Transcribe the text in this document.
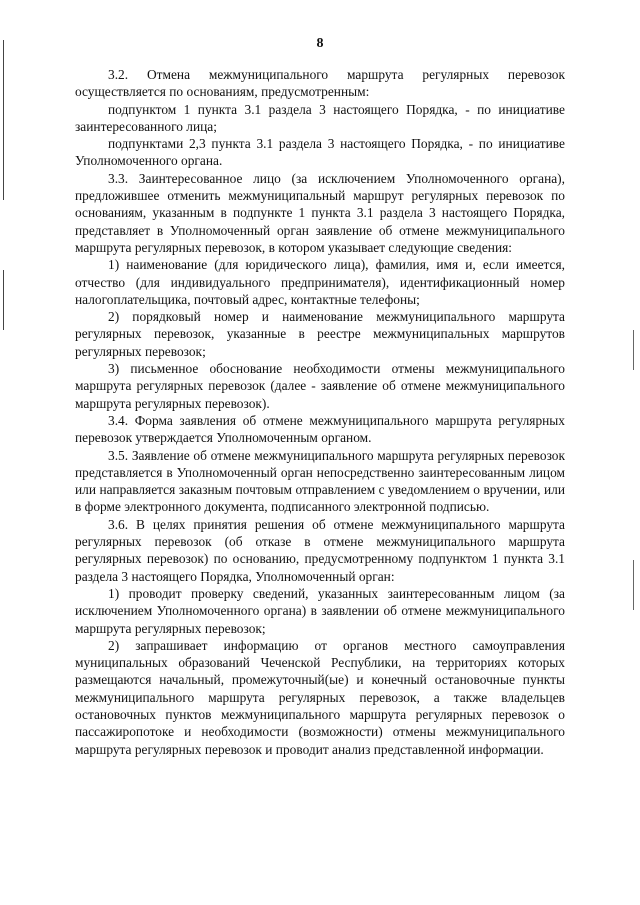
8

3.2. Отмена межмуниципального маршрута регулярных перевозок осуществляется по основаниям, предусмотренным:

подпунктом 1 пункта 3.1 раздела 3 настоящего Порядка, - по инициативе заинтересованного лица;

подпунктами 2,3 пункта 3.1 раздела 3 настоящего Порядка, - по инициативе Уполномоченного органа.

3.3. Заинтересованное лицо (за исключением Уполномоченного органа), предложившее отменить межмуниципальный маршрут регулярных перевозок по основаниям, указанным в подпункте 1 пункта 3.1 раздела 3 настоящего Порядка, представляет в Уполномоченный орган заявление об отмене межмуниципального маршрута регулярных перевозок, в котором указывает следующие сведения:

1) наименование (для юридического лица), фамилия, имя и, если имеется, отчество (для индивидуального предпринимателя), идентификационный номер налогоплательщика, почтовый адрес, контактные телефоны;

2) порядковый номер и наименование межмуниципального маршрута регулярных перевозок, указанные в реестре межмуниципальных маршрутов регулярных перевозок;

3) письменное обоснование необходимости отмены межмуниципального маршрута регулярных перевозок (далее - заявление об отмене межмуниципального маршрута регулярных перевозок).

3.4. Форма заявления об отмене межмуниципального маршрута регулярных перевозок утверждается Уполномоченным органом.

3.5. Заявление об отмене межмуниципального маршрута регулярных перевозок представляется в Уполномоченный орган непосредственно заинтересованным лицом или направляется заказным почтовым отправлением с уведомлением о вручении, или в форме электронного документа, подписанного электронной подписью.

3.6. В целях принятия решения об отмене межмуниципального маршрута регулярных перевозок (об отказе в отмене межмуниципального маршрута регулярных перевозок) по основанию, предусмотренному подпунктом 1 пункта 3.1 раздела 3 настоящего Порядка, Уполномоченный орган:

1) проводит проверку сведений, указанных заинтересованным лицом (за исключением Уполномоченного органа) в заявлении об отмене межмуниципального маршрута регулярных перевозок;

2) запрашивает информацию от органов местного самоуправления муниципальных образований Чеченской Республики, на территориях которых размещаются начальный, промежуточный(ые) и конечный остановочные пункты межмуниципального маршрута регулярных перевозок, а также владельцев остановочных пунктов межмуниципального маршрута регулярных перевозок о пассажиропотоке и необходимости (возможности) отмены межмуниципального маршрута регулярных перевозок и проводит анализ представленной информации.
